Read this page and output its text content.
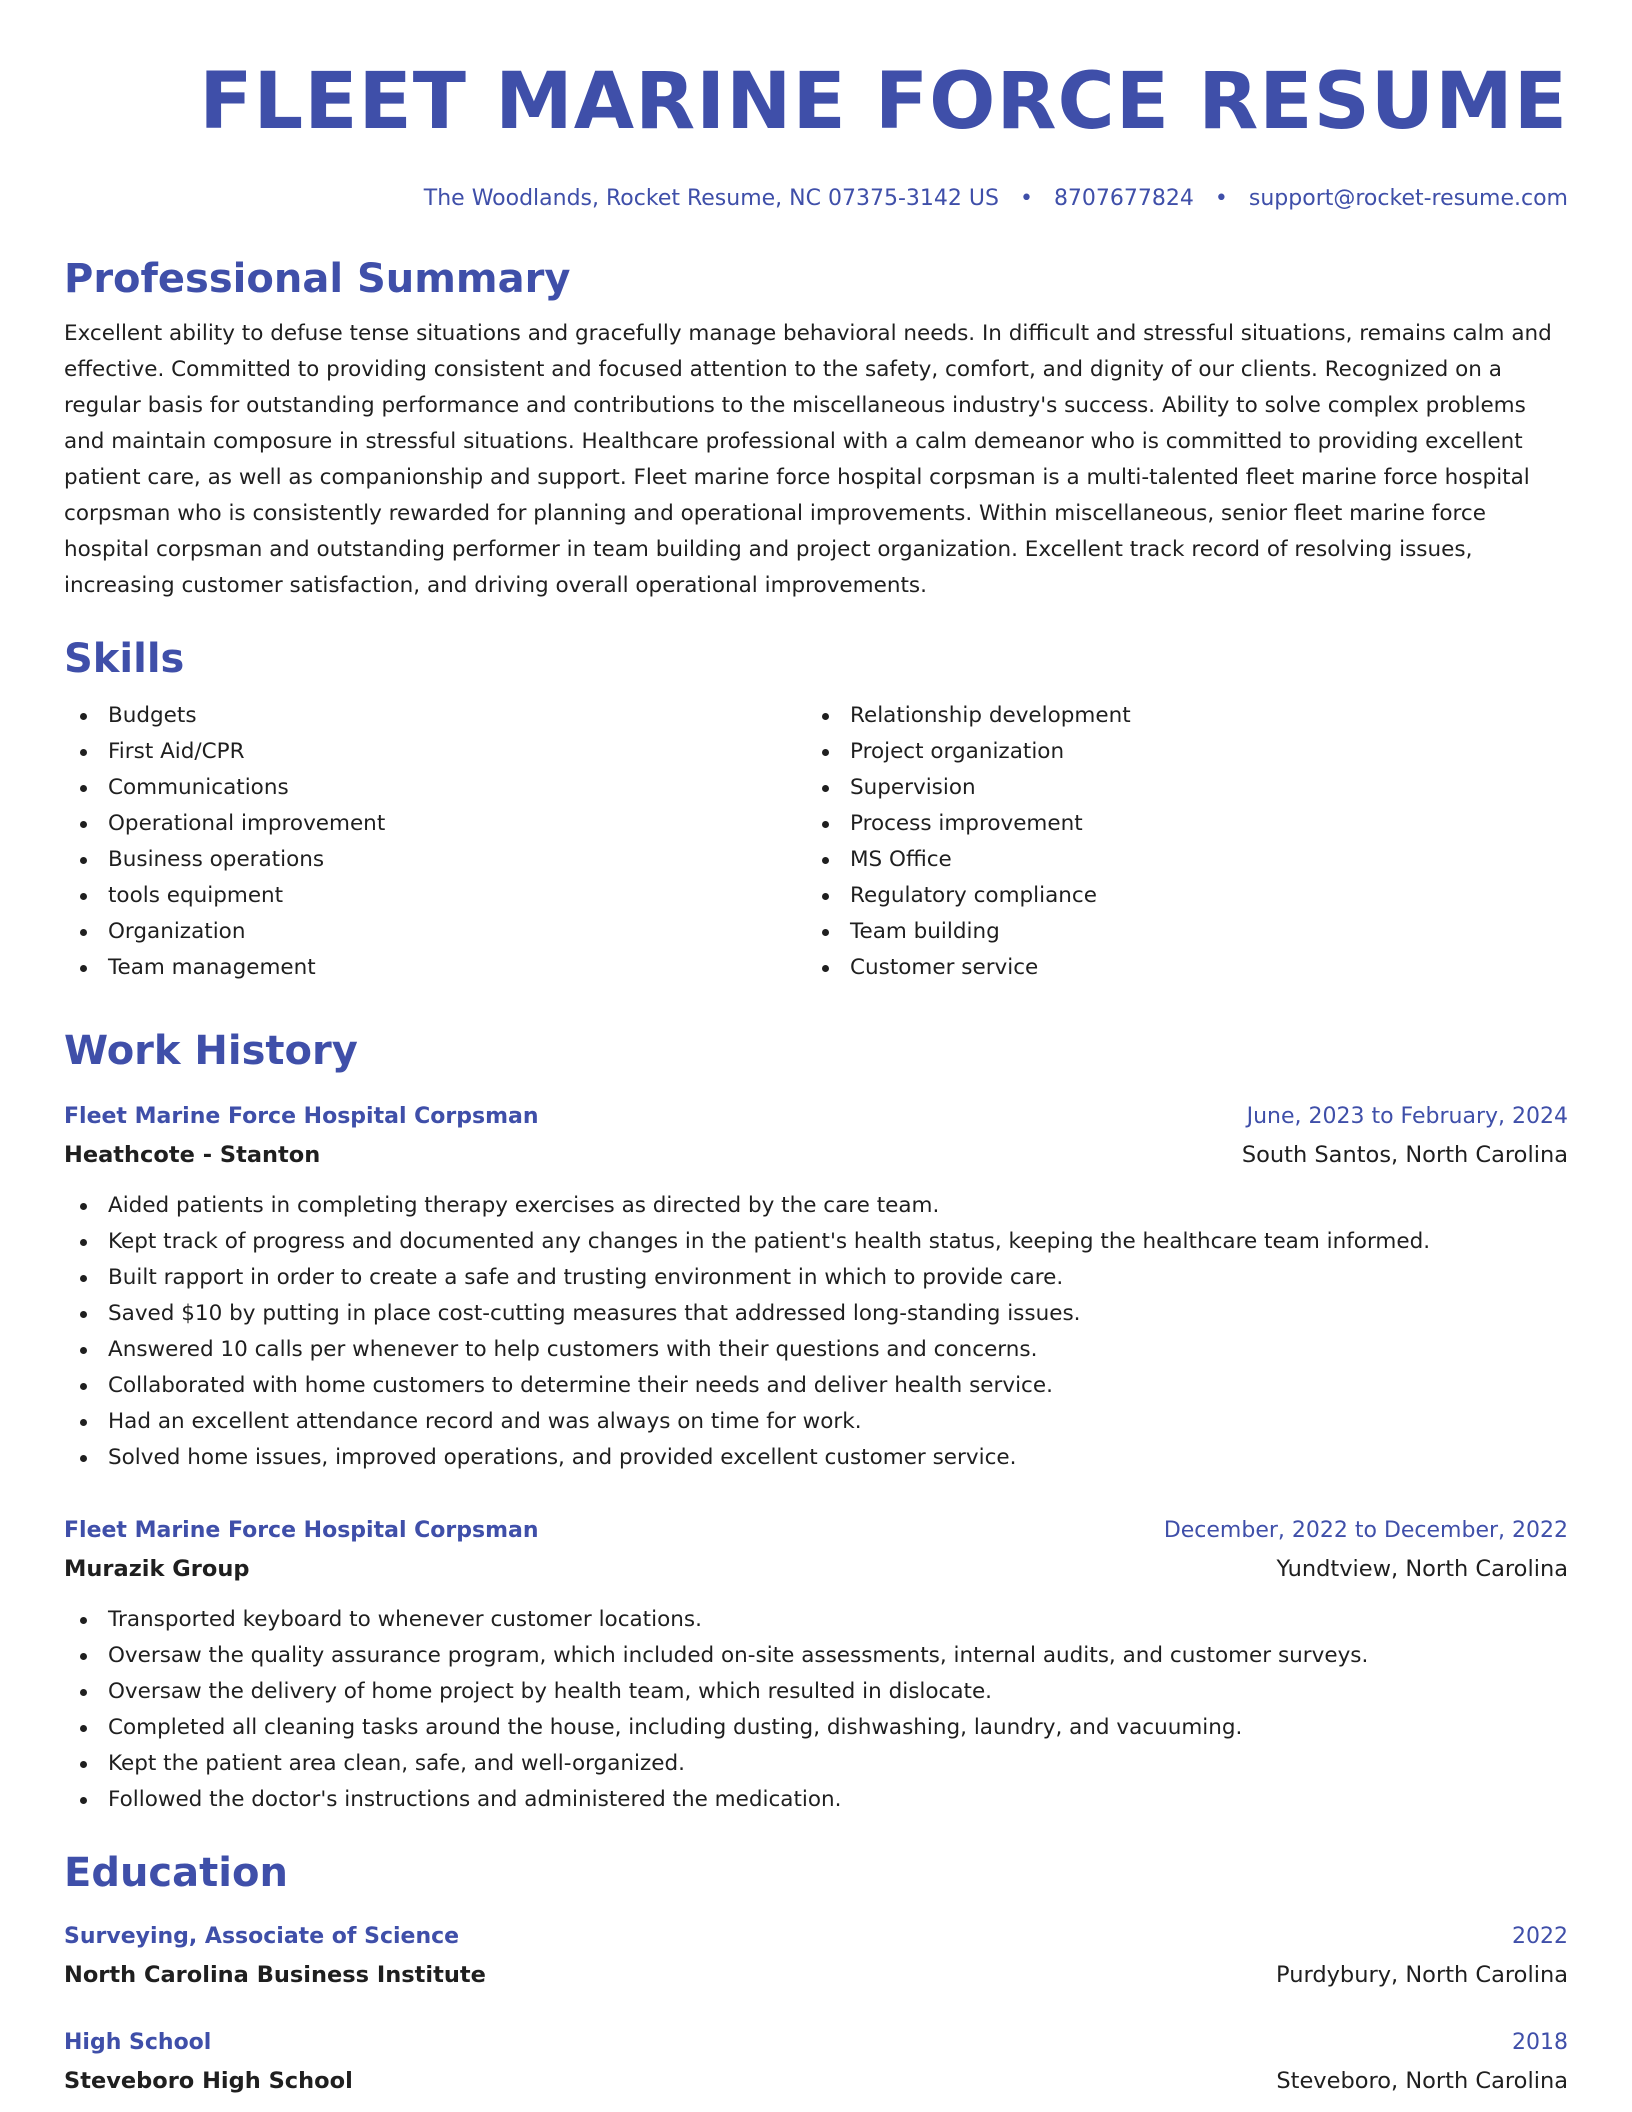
FLEET MARINE FORCE RESUME
The Woodlands, Rocket Resume, NC 07375-3142 US • 8707677824 • support@rocket-resume.com
Professional Summary

Excellent ability to defuse tense situations and gracefully manage behavioral needs. In difficult and stressful situations, remains calm and effective. Committed to providing consistent and focused attention to the safety, comfort, and dignity of our clients. Recognized on a regular basis for outstanding performance and contributions to the miscellaneous industry's success. Ability to solve complex problems and maintain composure in stressful situations. Healthcare professional with a calm demeanor who is committed to providing excellent patient care, as well as companionship and support. Fleet marine force hospital corpsman is a multi-talented fleet marine force hospital corpsman who is consistently rewarded for planning and operational improvements. Within miscellaneous, senior fleet marine force hospital corpsman and outstanding performer in team building and project organization. Excellent track record of resolving issues, increasing customer satisfaction, and driving overall operational improvements.

Skills
Budgets
First Aid/CPR
Communications
Operational improvement
Business operations
tools equipment
Organization
Team management
Relationship development
Project organization
Supervision
Process improvement
MS Office
Regulatory compliance
Team building
Customer service
Work History
Fleet Marine Force Hospital Corpsman	June, 2023 to February, 2024
Heathcote - Stanton	South Santos, North Carolina
Aided patients in completing therapy exercises as directed by the care team.
Kept track of progress and documented any changes in the patient's health status, keeping the healthcare team informed.
Built rapport in order to create a safe and trusting environment in which to provide care.
Saved $10 by putting in place cost-cutting measures that addressed long-standing issues.
Answered 10 calls per whenever to help customers with their questions and concerns.
Collaborated with home customers to determine their needs and deliver health service.
Had an excellent attendance record and was always on time for work.
Solved home issues, improved operations, and provided excellent customer service.
Fleet Marine Force Hospital Corpsman	December, 2022 to December, 2022
Murazik Group	Yundtview, North Carolina
Transported keyboard to whenever customer locations.
Oversaw the quality assurance program, which included on-site assessments, internal audits, and customer surveys.
Oversaw the delivery of home project by health team, which resulted in dislocate.
Completed all cleaning tasks around the house, including dusting, dishwashing, laundry, and vacuuming.
Kept the patient area clean, safe, and well-organized.
Followed the doctor's instructions and administered the medication.
Education
Surveying, Associate of Science	2022
North Carolina Business Institute	Purdybury, North Carolina
High School	2018
Steveboro High School	Steveboro, North Carolina
